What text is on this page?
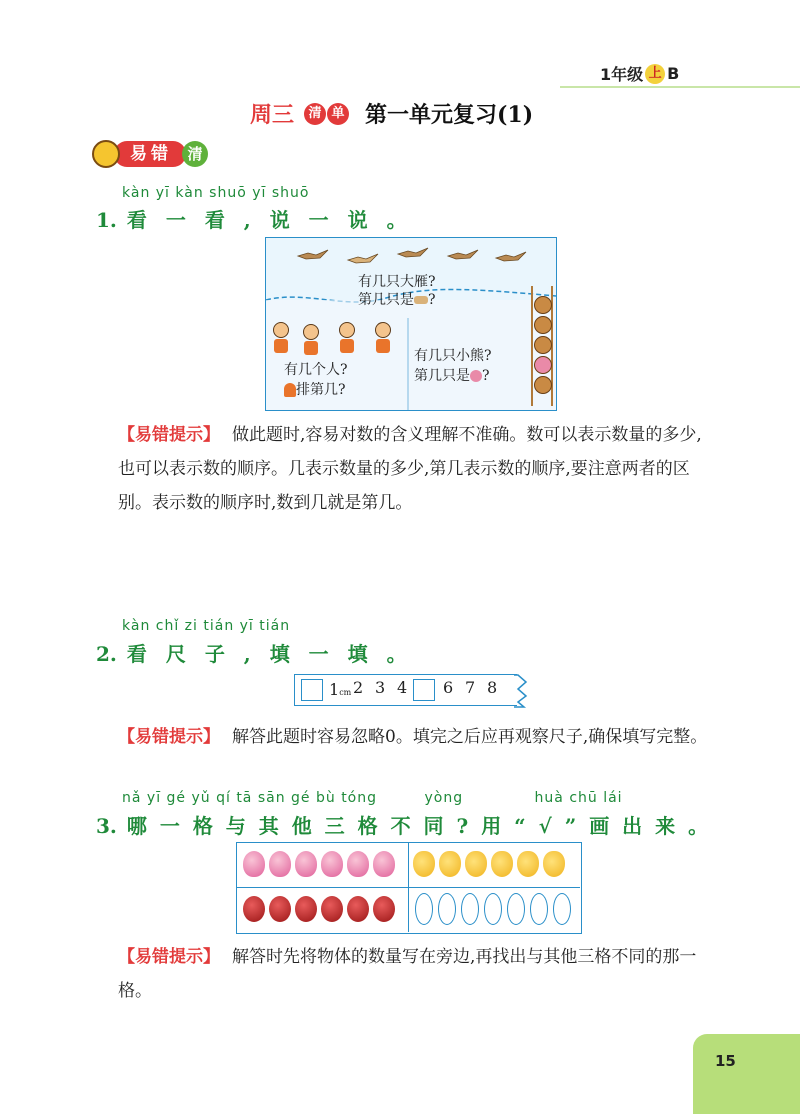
1年级 上 B
周三	清 单 第一单元复习(1)
易错	清
kàn yī kàn shuō yī shuō
1. 看 一 看 , 说 一 说 。
有几只大雁?
第几只是 ?
有几个人?
排第几?
有几只小熊?
第几只是 ?
【易错提示】 做此题时,容易对数的含义理解不准确。数可以表示数量的多少,也可以表示数的顺序。几表示数量的多少,第几表示数的顺序,要注意两者的区别。表示数的顺序时,数到几就是第几。
kàn chǐ zi tián yī tián
2. 看 尺 子 , 填 一 填 。
1cm 2 3 4 6 7 8
【易错提示】 解答此题时容易忽略0。填完之后应再观察尺子,确保填写完整。
nǎ yī gé yǔ qí tā sān gé bù tóng	yòng	huà chū lái
3. 哪 一 格 与 其 他 三 格 不 同 ? 用 “ √ ” 画 出 来 。
【易错提示】 解答时先将物体的数量写在旁边,再找出与其他三格不同的那一格。
15
